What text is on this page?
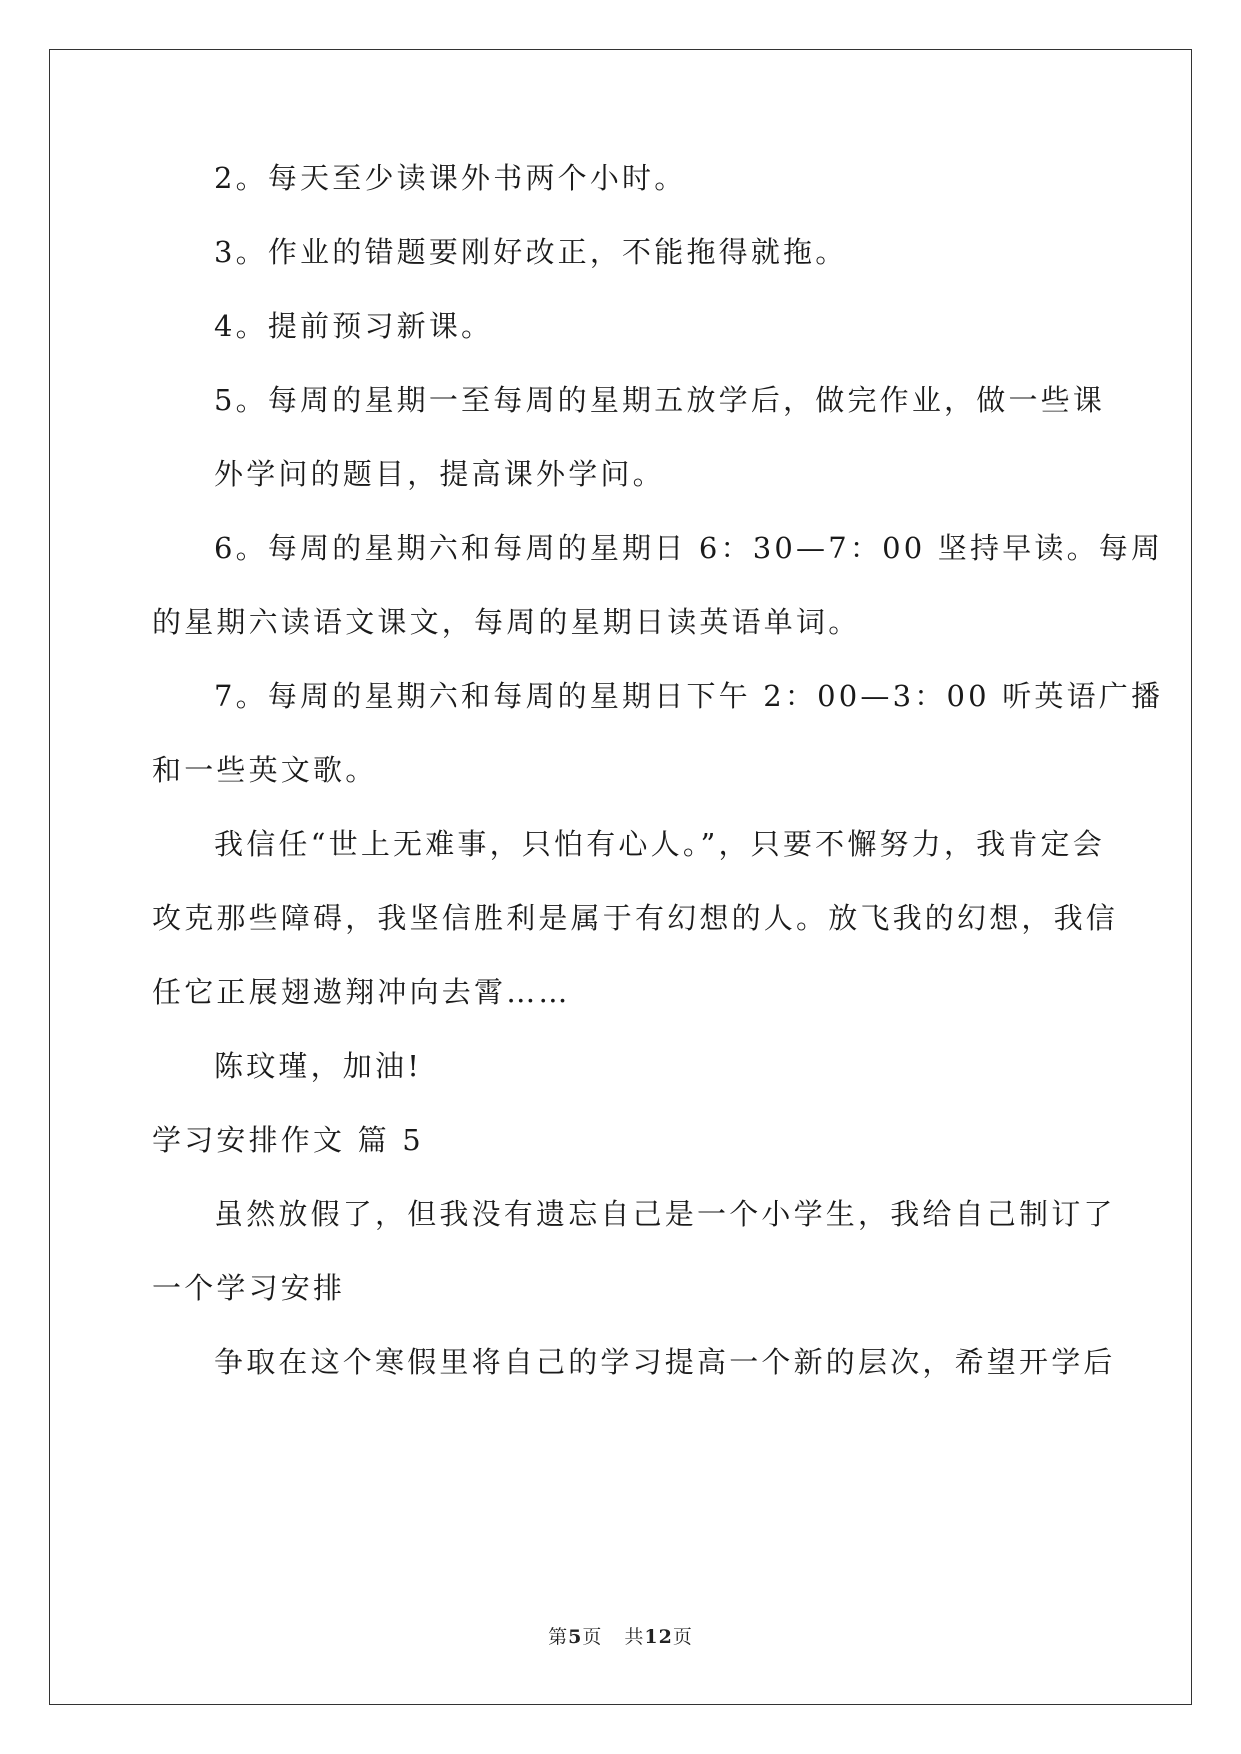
2。每天至少读课外书两个小时。
3。作业的错题要刚好改正，不能拖得就拖。
4。提前预习新课。
5。每周的星期一至每周的星期五放学后，做完作业，做一些课
外学问的题目，提高课外学问。
6。每周的星期六和每周的星期日 6：30—7：00 坚持早读。每周
的星期六读语文课文，每周的星期日读英语单词。
7。每周的星期六和每周的星期日下午 2：00—3：00 听英语广播
和一些英文歌。
我信任“世上无难事，只怕有心人。”，只要不懈努力，我肯定会
攻克那些障碍，我坚信胜利是属于有幻想的人。放飞我的幻想，我信
任它正展翅遨翔冲向去霄……
陈玟瑾，加油!
学习安排作文 篇 5
虽然放假了，但我没有遗忘自己是一个小学生，我给自己制订了
一个学习安排
争取在这个寒假里将自己的学习提高一个新的层次，希望开学后
第5页 共12页
